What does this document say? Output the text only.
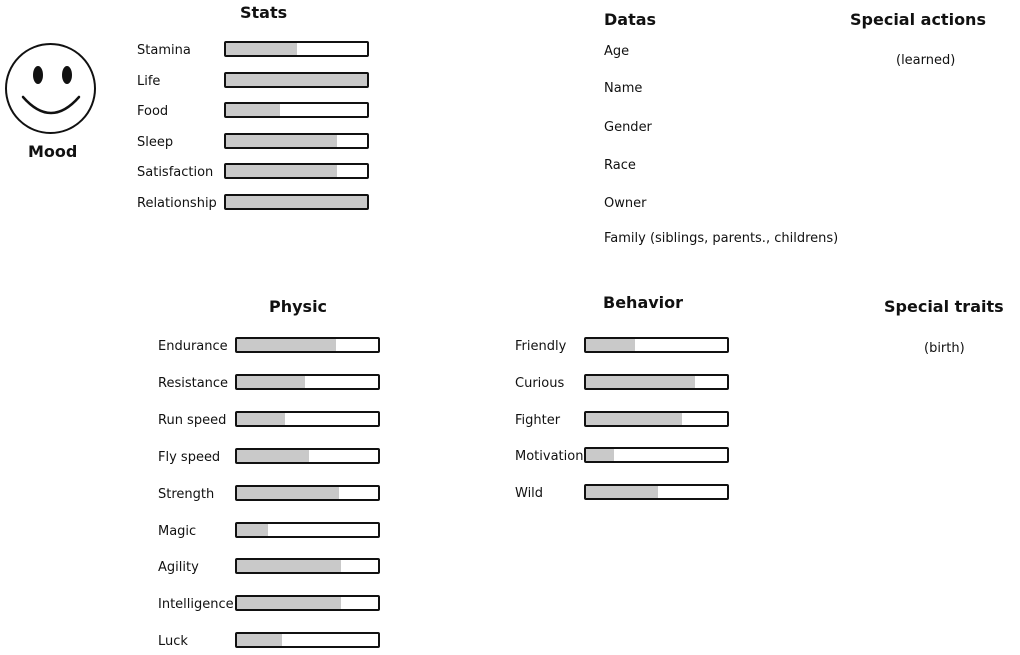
Mood
Stats
Stamina
Life
Food
Sleep
Satisfaction
Relationship
Datas
Age
Name
Gender
Race
Owner
Family (siblings, parents., childrens)
Special actions
(learned)
Physic
Endurance
Resistance
Run speed
Fly speed
Strength
Magic
Agility
Intelligence
Luck
Behavior
Friendly
Curious
Fighter
Motivation
Wild
Special traits
(birth)
